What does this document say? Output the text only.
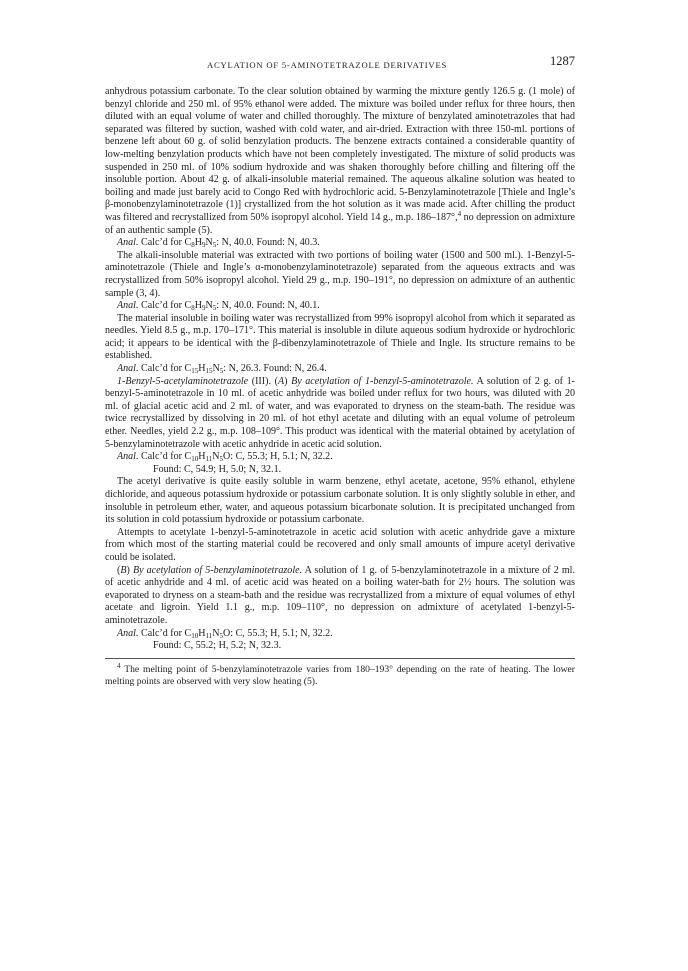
ACYLATION OF 5-AMINOTETRAZOLE DERIVATIVES	1287

anhydrous potassium carbonate. To the clear solution obtained by warming the mixture gently 126.5 g. (1 mole) of benzyl chloride and 250 ml. of 95% ethanol were added. The mixture was boiled under reflux for three hours, then diluted with an equal volume of water and chilled thoroughly. The mixture of benzylated aminotetrazoles that had separated was filtered by suction, washed with cold water, and air-dried. Extraction with three 150-ml. portions of benzene left about 60 g. of solid benzylation products. The benzene extracts contained a considerable quantity of low-melting benzylation products which have not been completely investigated. The mixture of solid products was suspended in 250 ml. of 10% sodium hydroxide and was shaken thoroughly before chilling and filtering off the insoluble portion. About 42 g. of alkali-insoluble material remained. The aqueous alkaline solution was heated to boiling and made just barely acid to Congo Red with hydrochloric acid. 5-Benzylaminotetrazole [Thiele and Ingle’s β-monobenzylaminotetrazole (1)] crystallized from the hot solution as it was made acid. After chilling the product was filtered and recrystallized from 50% isopropyl alcohol. Yield 14 g., m.p. 186–187°,$^4$ no depression on admixture of an authentic sample (5).

Anal. Calc’d for $C_8H_9N_5$: N, 40.0. Found: N, 40.3.

The alkali-insoluble material was extracted with two portions of boiling water (1500 and 500 ml.). 1-Benzyl-5-aminotetrazole (Thiele and Ingle’s α-monobenzylaminotetrazole) separated from the aqueous extracts and was recrystallized from 50% isopropyl alcohol. Yield 29 g., m.p. 190–191°, no depression on admixture of an authentic sample (3, 4).

Anal. Calc’d for $C_8H_9N_5$: N, 40.0. Found: N, 40.1.

The material insoluble in boiling water was recrystallized from 99% isopropyl alcohol from which it separated as needles. Yield 8.5 g., m.p. 170–171°. This material is insoluble in dilute aqueous sodium hydroxide or hydrochloric acid; it appears to be identical with the β-dibenzylaminotetrazole of Thiele and Ingle. Its structure remains to be established.

Anal. Calc’d for $C_{15}H_{15}N_5$: N, 26.3. Found: N, 26.4.

1-Benzyl-5-acetylaminotetrazole (III). (A) By acetylation of 1-benzyl-5-aminotetrazole. A solution of 2 g. of 1-benzyl-5-aminotetrazole in 10 ml. of acetic anhydride was boiled under reflux for two hours, was diluted with 20 ml. of glacial acetic acid and 2 ml. of water, and was evaporated to dryness on the steam-bath. The residue was twice recrystallized by dissolving in 20 ml. of hot ethyl acetate and diluting with an equal volume of petroleum ether. Needles, yield 2.2 g., m.p. 108–109°. This product was identical with the material obtained by acetylation of 5-benzylaminotetrazole with acetic anhydride in acetic acid solution.

Anal. Calc’d for $C_{10}H_{11}N_5O$: C, 55.3; H, 5.1; N, 32.2.

Found: C, 54.9; H, 5.0; N, 32.1.

The acetyl derivative is quite easily soluble in warm benzene, ethyl acetate, acetone, 95% ethanol, ethylene dichloride, and aqueous potassium hydroxide or potassium carbonate solution. It is only slightly soluble in ether, and insoluble in petroleum ether, water, and aqueous potassium bicarbonate solution. It is precipitated unchanged from its solution in cold potassium hydroxide or potassium carbonate.

Attempts to acetylate 1-benzyl-5-aminotetrazole in acetic acid solution with acetic anhydride gave a mixture from which most of the starting material could be recovered and only small amounts of impure acetyl derivative could be isolated.

(B) By acetylation of 5-benzylaminotetrazole. A solution of 1 g. of 5-benzylaminotetrazole in a mixture of 2 ml. of acetic anhydride and 4 ml. of acetic acid was heated on a boiling water-bath for 2½ hours. The solution was evaporated to dryness on a steam-bath and the residue was recrystallized from a mixture of equal volumes of ethyl acetate and ligroin. Yield 1.1 g., m.p. 109–110°, no depression on admixture of acetylated 1-benzyl-5-aminotetrazole.

Anal. Calc’d for $C_{10}H_{11}N_5O$: C, 55.3; H, 5.1; N, 32.2.

Found: C, 55.2; H, 5.2; N, 32.3.

$^4$ The melting point of 5-benzylaminotetrazole varies from 180–193° depending on the rate of heating. The lower melting points are observed with very slow heating (5).
